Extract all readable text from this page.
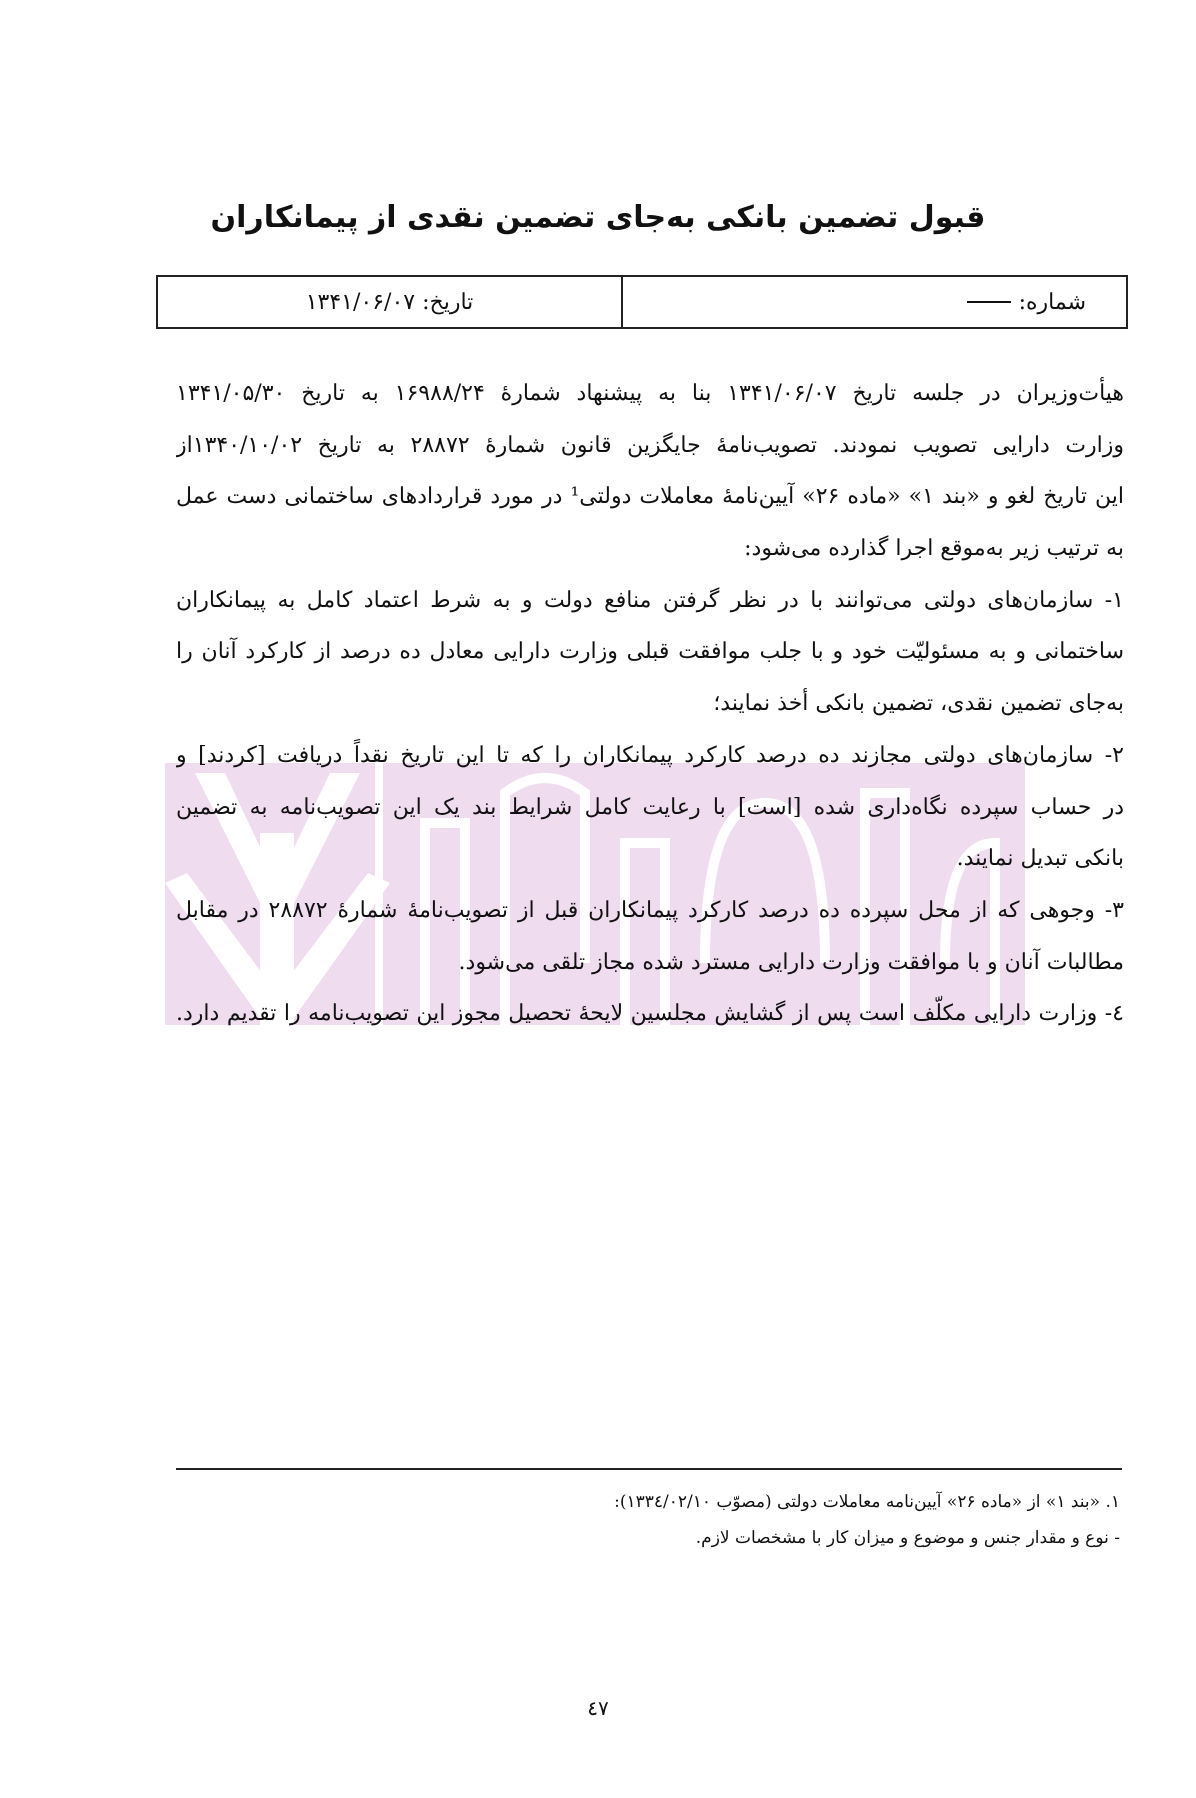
قبول تضمین بانکی به‌جای تضمین نقدی از پیمانکاران
شماره:
تاریخ: ۱۳۴۱/۰۶/۰۷
هیأت‌وزیران در جلسه تاریخ ۱۳۴۱/۰۶/۰۷ بنا به پیشنهاد شمارهٔ ۱۶۹۸۸/۲۴ به تاریخ ۱۳۴۱/۰۵/۳۰
وزارت دارایی تصویب نمودند. تصویب‌نامهٔ جایگزین قانون شمارهٔ ۲۸۸۷۲ به تاریخ ۱۳۴۰/۱۰/۰۲از
این تاریخ لغو و «بند ۱» «ماده ۲۶» آیین‌نامهٔ معاملات دولتی¹ در مورد قراردادهای ساختمانی دست عمل
به ترتیب زیر به‌موقع اجرا گذارده می‌شود:
۱- سازمان‌های دولتی می‌توانند با در نظر گرفتن منافع دولت و به شرط اعتماد کامل به پیمانکاران
ساختمانی و به مسئولیّت خود و با جلب موافقت قبلی وزارت دارایی معادل ده درصد از کارکرد آنان را
به‌جای تضمین نقدی، تضمین بانکی أخذ نمایند؛
۲- سازمان‌های دولتی مجازند ده درصد کارکرد پیمانکاران را که تا این تاریخ نقداً دریافت [کردند] و
در حساب سپرده نگاه‌داری شده [است] با رعایت کامل شرایط بند یک این تصویب‌نامه به تضمین
بانکی تبدیل نمایند.
۳- وجوهی که از محل سپرده ده درصد کارکرد پیمانکاران قبل از تصویب‌نامهٔ شمارهٔ ۲۸۸۷۲ در مقابل
مطالبات آنان و با موافقت وزارت دارایی مسترد شده مجاز تلقی می‌شود.
٤- وزارت دارایی مکلّف است پس از گشایش مجلسین لایحهٔ تحصیل مجوز این تصویب‌نامه را تقدیم دارد.
۱. «بند ۱» از «ماده ۲۶» آیین‌نامه معاملات دولتی (مصوّب ۱۳۳٤/۰۲/۱۰):
- نوع و مقدار جنس و موضوع و میزان کار با مشخصات لازم.
٤۷
